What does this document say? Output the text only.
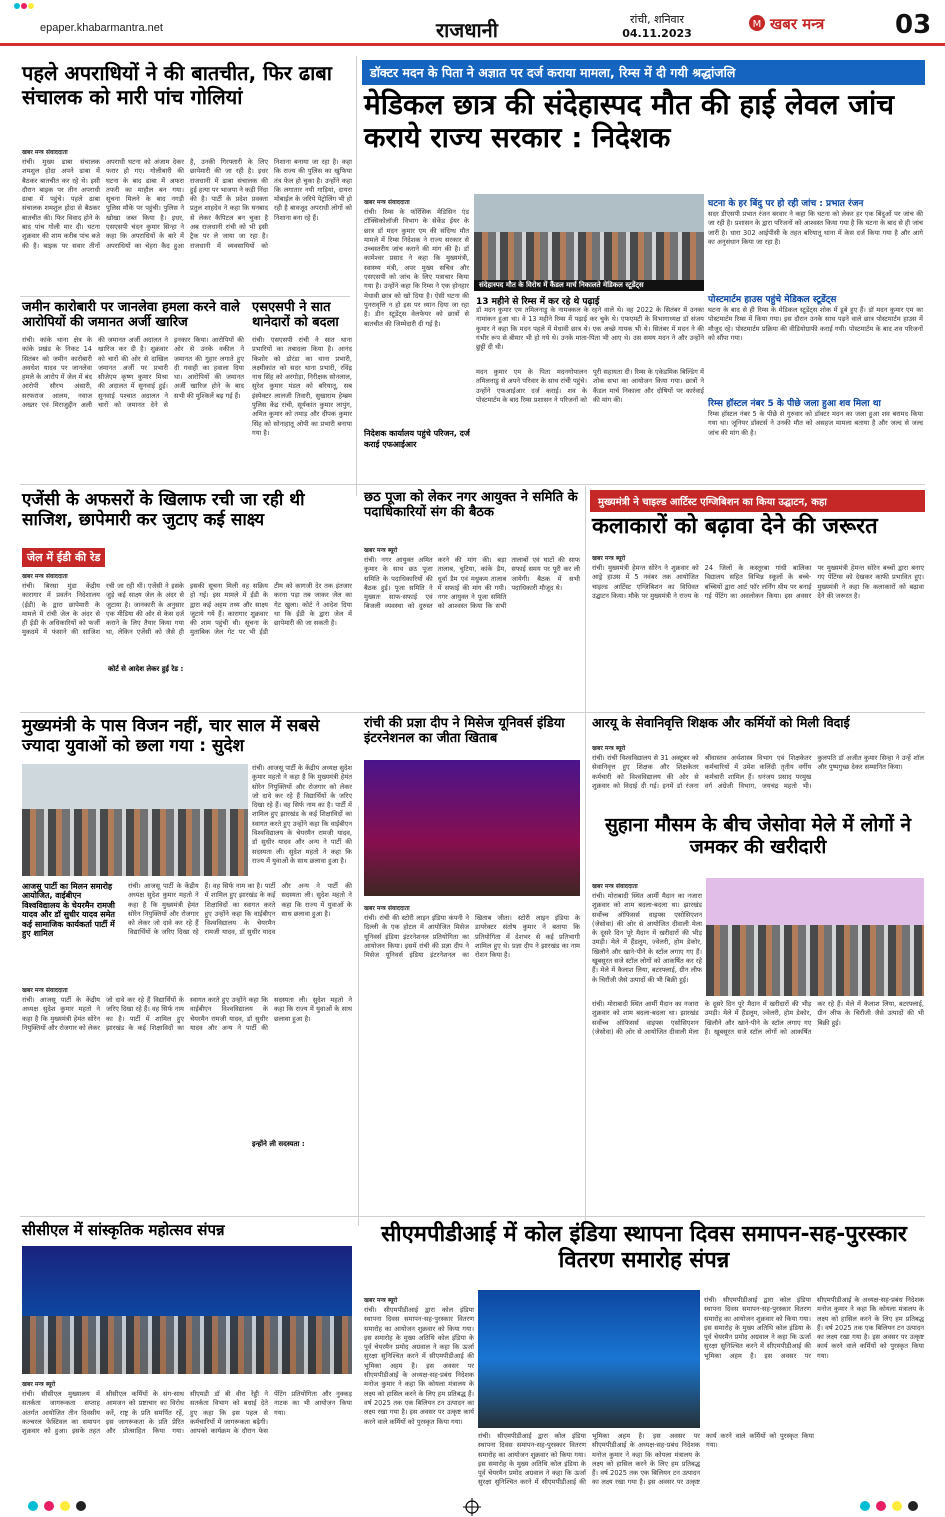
epaper.khabarmantra.net	राजधानी	रांची, शनिवार
04.11.2023
M खबर मन्त्र	03
पहले अपराधियों ने की बातचीत, फिर ढाबा संचालक को मारी पांच गोलियां
खबर मन्त्र संवाददाता
रांची। मुख्य ढाबा संचालक शमशुल होदा अपने ढाबा में बैठकर बातचीत कर रहे थे। इसी दौरान बाइक पर तीन अपराधी ढाबा में पहुंचे। पहले ढाबा संचालक शमशुल होदा से बैठकर बातचीत की। फिर विवाद होने के बाद पांच गोली मार दी। घटना शुक्रवार की शाम करीब पांच बजे की है। बाइक पर सवार तीनों अपराधी घटना को अंजाम देकर फरार हो गए। गोलीबारी की घटना के बाद ढाबा में अफरा तफरी का माहौल बन गया। सूचना मिलने के बाद नगड़ी पुलिस मौके पर पहुंची। पुलिस ने खोखा जब्त किया है। इधर, एसएसपी चंदन कुमार सिन्हा ने कहा कि अपराधियों के बारे में अपराधियों का चेहरा कैद हुआ है, उनकी गिरफ्तारी के लिए छापेमारी की जा रही है। इधर राजधानी में ढाबा संचालक की हुई हत्या पर भाजपा ने कड़ी निंदा की है। पार्टी के प्रदेश प्रवक्ता प्रतुल शाहदेव ने कहा कि घनबाद से लेकर कैपिटल बन चुका है अब राजधानी रांची को भी इसी ट्रैक पर ले जाया जा रहा है। राजधानी में व्यवसायियों को निशाना बनाया जा रहा है। कहा कि राज्य की पुलिस का खुफिया तंत्र फेल हो चुका है। उन्होंने कहा कि लगातार नयी गाड़ियां, दायरा मोबाईल के जरिये पेट्रोलिंग भी हो रही है बावजूद अपराधी लोगों को निशाना बना रहे हैं।
जमीन कारोबारी पर जानलेवा हमला करने वाले आरोपियों की जमानत अर्जी खारिज
रांची। कांके थाना क्षेत्र के कांके प्रखंड के निकट 14 सितंबर को जमीन कारोबारी अवधेश यादव पर जानलेवा हमले के आरोप में जेल में बंद आरोपी सौरभ अंसारी, सरफराज आलम, नवाज अख्तर एवं मिराजुद्दीन अली की जमानत अर्जी अदालत ने खारिज कर दी है। शुक्रवार को चारों की ओर से दाखिल जमानत अर्जी पर प्रभारी सीजेएम कृष्ण कुमार मिश्रा की अदालत में सुनवाई हुई। सुनवाई पश्चात अदालत ने चारों को जमानत देने से इनकार किया। आरोपियों की ओर से उनके वकील ने जमानत की गुहार लगाते हुए दी गवाही का हवाला दिया था। आरोपियों की जमानत अर्जी खारिज होने के बाद सभी की मुश्किलें बढ़ गई हैं।
एसएसपी ने सात थानेदारों को बदला
रांची। एसएसपी रांची ने सात थाना प्रभारियों का तबादला किया है। आनंद किशोर को डोरंडा का थाना प्रभारी, लक्ष्मीकांत को सदर थाना प्रभारी, रविंद्र नाथ सिंह को अरगोड़ा, निरीक्षक सोनलाल, सुरेश कुमार मंडल को बरियातू, सब इंस्पेक्टर लालजी तिवारी, सुखाराम हेम्ब्रम पुलिस केंद्र रांची, सूर्यकांत कुमार लापुंग, अमित कुमार को तमाड़ और दीपक कुमार सिंह को सोनाहातू ओपी का प्रभारी बनाया गया है।
डॉक्टर मदन के पिता ने अज्ञात पर दर्ज कराया मामला, रिम्स में दी गयी श्रद्धांजलि
मेडिकल छात्र की संदेहास्पद मौत की हाई लेवल जांच कराये राज्य सरकार : निदेशक
खबर मन्त्र संवाददाता
रांची। रिम्स के फॉरेंसिक मेडिसिन एंड टॉक्सिकोलॉजी विभाग के सेकेंड ईयर के छात्र डॉ मदन कुमार एम की संदिग्ध मौत मामले में रिम्स निदेशक ने राज्य सरकार से उच्चस्तरीय जांच कराने की मांग की है। डॉ कामेश्वर प्रसाद ने कहा कि मुख्यमंत्री, स्वास्थ्य मंत्री, अपर मुख्य सचिव और एसएसपी को जांच के लिए पत्राचार किया गया है। उन्होंने कहा कि रिम्स ने एक होनहार मेधावी छात्र को खो दिया है। ऐसी घटना की पुनरावृत्ति न हो इस पर ध्यान दिया जा रहा है। डीन स्टूडेंट्स वेलफेयर को छात्रों से बातचीत की जिम्मेदारी दी गई है।
संदेहास्पद मौत के विरोध में कैंडल मार्च निकालते मेडिकल स्टूडेंट्स
13 महीने से रिम्स में कर रहे थे पढ़ाई
डॉ मदन कुमार एम तमिलनाडु के नामक्कल के रहने वाले थे। वह 2022 के सितंबर में उनका नामांकन हुआ था। वे 13 महीने रिम्स में पढ़ाई कर चुके थे। एफएमटी के विभागाध्यक्ष डॉ संजय कुमार ने कहा कि मदन पहले में मेधावी छात्र थे। एक अच्छे गायक भी थे। सितंबर में मदन ने की गंभीर रूप से बीमार भी हो गये थे। उनके माता-पिता भी आए थे। उस समय मदन ने और उन्होंने छुट्टी दी थी।
निदेशक कार्यालय पहुंचे परिजन, दर्ज कराई एफआईआर
मदन कुमार एम के पिता मदनगोपालन तमिलनाडु से अपने परिवार के साथ रांची पहुंचे। उन्होंने एफआईआर दर्ज कराई। शव के पोस्टमार्टम के बाद रिम्स प्रशासन ने परिजनों को पूरी सहायता दी। रिम्स के एकेडमिक बिल्डिंग में शोक सभा का आयोजन किया गया। छात्रों ने कैंडल मार्च निकाला और दोषियों पर कार्रवाई की मांग की।
घटना के हर बिंदु पर हो रही जांच : प्रभात रंजन
सदर डीएसपी प्रभात रंजन बरवार ने कहा कि घटना को लेकर हर एक बिंदुओं पर जांच की जा रही है। प्रशासन के द्वारा परिजनों को आश्वस्त किया गया है कि घटना के बाद से ही जांच जारी है। धारा 302 आईपीसी के तहत बरियातू थाना में केस दर्ज किया गया है और आगे का अनुसंधान किया जा रहा है।
पोस्टमार्टम हाउस पहुंचे मेडिकल स्टूडेंट्स
घटना के बाद से ही रिम्स के मेडिकल स्टूडेंट्स शोक में डूबे हुए हैं। डॉ मदन कुमार एम का पोस्टमार्टम रिम्स में किया गया। इस दौरान उनके साथ पढ़ने वाले छात्र पोस्टमार्टम हाउस में मौजूद रहे। पोस्टमार्टम प्रक्रिया की वीडियोग्राफी कराई गयी। पोस्टमार्टम के बाद शव परिजनों को सौंपा गया।
रिम्स हॉस्टल नंबर 5 के पीछे जला हुआ शव मिला था
रिम्स हॉस्टल नंबर 5 के पीछे से गुरुवार को डॉक्टर मदन का जला हुआ शव बरामद किया गया था। जूनियर डॉक्टर्स ने उनकी मौत को असहज मामला बताया है और जल्द से जल्द जांच की मांग की है।
एजेंसी के अफसरों के खिलाफ रची जा रही थी साजिश, छापेमारी कर जुटाए कई साक्ष्य
जेल में ईडी की रेड
खबर मन्त्र संवाददाता
रांची। बिरसा मुंडा केंद्रीय कारागार में प्रवर्तन निदेशालय (ईडी) के द्वारा छापेमारी के मामले में रांची जेल के अंदर से ही ईडी के अधिकारियों को फर्जी मुकदमे में फंसाने की साजिश रची जा रही थी। एजेंसी ने इसके जुड़े कई साक्ष्य जेल के अंदर से जुटाया है। जानकारी के अनुसार एक मीडिया की ओर से केस दर्ज कराने के लिए तैयार किया गया था, लेकिन एजेंसी को जैसे ही इसकी सूचना मिली वह सक्रिय हो गई। इस मामले में ईडी के द्वारा कई अहम तथ्य और साक्ष्य जुटाये गये हैं। कारागार शुक्रवार की शाम पहुंची थी। सूचना के मुताबिक जेल गेट पर भी ईडी टीम को कागजी देर तक इंतजार करना पड़ा तब जाकर जेल का गेट खुला। कोर्ट ने आदेश दिया था कि ईडी के द्वारा जेल में छापेमारी की जा सकती है।
कोर्ट से आदेश लेकर हुई रेड :
छठ पूजा को लेकर नगर आयुक्त ने समिति के पदाधिकारियों संग की बैठक
खबर मन्त्र ब्यूरो
रांची। नगर आयुक्त अमित कुमार के साथ छठ पूजा समिति के पदाधिकारियों की बैठक हुई। पूजा समिति ने मुख्यतः साफ-सफाई एवं बिजली व्यवस्था को दुरुस्त करने की मांग की। बड़ा तालाब, चुटिया, कांके डैम, धुर्वा डैम एवं मधुकम तालाब में सफाई की मांग की गयी। नगर आयुक्त ने पूजा समिति को आश्वस्त किया कि सभी तालाबों एवं घाटों की साफ सफाई समय पर पूरी कर ली जायेगी। बैठक में सभी पदाधिकारी मौजूद थे।
मुख्यमंत्री ने चाइल्ड आर्टिस्ट एग्जिबिशन का किया उद्घाटन, कहा
कलाकारों को बढ़ावा देने की जरूरत
खबर मन्त्र ब्यूरो
रांची। मुख्यमंत्री हेमन्त सोरेन ने शुक्रवार को आड्रे हाउस में 5 नवंबर तक आयोजित चाइल्ड आर्टिस्ट एग्जिबिशन का विधिवत उद्घाटन किया। मौके पर मुख्यमंत्री ने राज्य के 24 जिलों के कस्तूरबा गांधी बालिका विद्यालय सहित विभिन्न स्कूलों के बच्चे-बच्चियों द्वारा आर्ट फॉर लर्निंग थीम पर बनाई गई पेंटिंग का अवलोकन किया। इस अवसर पर मुख्यमंत्री हेमन्त सोरेन बच्चों द्वारा बनाए गए पेंटिंग्स को देखकर काफी प्रभावित हुए। मुख्यमंत्री ने कहा कि कलाकारों को बढ़ावा देने की जरूरत है।
मुख्यमंत्री के पास विजन नहीं, चार साल में सबसे ज्यादा युवाओं को छला गया : सुदेश
रांची। आजसू पार्टी के केंद्रीय अध्यक्ष सुदेश कुमार महतो ने कहा है कि मुख्यमंत्री हेमंत सोरेन नियुक्तियों और रोजगार को लेकर जो दावे कर रहे हैं विद्यार्थियों के जरिए दिखा रहे हैं। वह सिर्फ नाम का है। पार्टी में शामिल हुए झारखंड के कई शिक्षाविदों का स्वागत करते हुए उन्होंने कहा कि वाईबीएन विश्वविद्यालय के चेयरमैन रामजी यादव, डॉ सुधीर यादव और अन्य ने पार्टी की सदस्यता ली। सुदेश महतो ने कहा कि राज्य में युवाओं के साथ छलावा हुआ है।
आजसू पार्टी का मिलन समारोह आयोजित, वाईबीएन विश्वविद्यालय के चेयरमैन रामजी यादव और डॉ सुधीर यादव समेत कई सामाजिक कार्यकर्ता पार्टी में हुए शामिल
रांची। आजसू पार्टी के केंद्रीय अध्यक्ष सुदेश कुमार महतो ने कहा है कि मुख्यमंत्री हेमंत सोरेन नियुक्तियों और रोजगार को लेकर जो दावे कर रहे हैं विद्यार्थियों के जरिए दिखा रहे हैं। वह सिर्फ नाम का है। पार्टी में शामिल हुए झारखंड के कई शिक्षाविदों का स्वागत करते हुए उन्होंने कहा कि वाईबीएन विश्वविद्यालय के चेयरमैन रामजी यादव, डॉ सुधीर यादव और अन्य ने पार्टी की सदस्यता ली। सुदेश महतो ने कहा कि राज्य में युवाओं के साथ छलावा हुआ है।
खबर मन्त्र संवाददाता
रांची। आजसू पार्टी के केंद्रीय अध्यक्ष सुदेश कुमार महतो ने कहा है कि मुख्यमंत्री हेमंत सोरेन नियुक्तियों और रोजगार को लेकर जो दावे कर रहे हैं विद्यार्थियों के जरिए दिखा रहे हैं। वह सिर्फ नाम का है। पार्टी में शामिल हुए झारखंड के कई शिक्षाविदों का स्वागत करते हुए उन्होंने कहा कि वाईबीएन विश्वविद्यालय के चेयरमैन रामजी यादव, डॉ सुधीर यादव और अन्य ने पार्टी की सदस्यता ली। सुदेश महतो ने कहा कि राज्य में युवाओं के साथ छलावा हुआ है।
इन्होंने ली सदस्यता :
रांची की प्रज्ञा दीप ने मिसेज यूनिवर्स इंडिया इंटरनेशनल का जीता खिताब
खबर मन्त्र संवाददाता
रांची। रांची की स्टोरी लाइन इंडिया कंपनी ने दिल्ली के एक होटल में आयोजित मिसेज यूनिवर्स इंडिया इंटरनेशनल प्रतियोगिता का आयोजन किया। इसमें रांची की प्रज्ञा दीप ने मिसेज यूनिवर्स इंडिया इंटरनेशनल का खिताब जीता। स्टोरी लाइन इंडिया के डायरेक्टर संतोष कुमार ने बताया कि प्रतियोगिता में देशभर से कई प्रतिभागी शामिल हुए थे। प्रज्ञा दीप ने झारखंड का नाम रोशन किया है।
आरयू के सेवानिवृत्ति शिक्षक और कर्मियों को मिली विदाई
खबर मन्त्र ब्यूरो
रांची। रांची विश्वविद्यालय से 31 अक्टूबर को सेवानिवृत्त हुए शिक्षक और शिक्षकेतर कर्मचारी को विश्वविद्यालय की ओर से शुक्रवार को विदाई दी गई। इनमें डॉ रंजना श्रीवास्तव अर्थशास्त्र विभाग एवं शिक्षकेतर कर्मचारियों में उमेश कलिंदी तृतीय वर्गीय कर्मचारी शामिल हैं। धनंजय प्रसाद परमुख वर्ग अंग्रेजी विभाग, जयचंद्र महतो भी। कुलपति डॉ अजीत कुमार सिन्हा ने उन्हें शॉल और पुष्पगुच्छ देकर सम्मानित किया।
सुहाना मौसम के बीच जेसोवा मेले में लोगों ने जमकर की खरीदारी
खबर मन्त्र संवाददाता
रांची। मोराबादी स्थित आर्मी मैदान का नजारा शुक्रवार को शाम बदला-बदला था। झारखंड सर्वोच्च ऑफिसर्स वाइफ्स एसोसिएशन (जेसोवा) की ओर से आयोजित दीवाली मेला के दूसरे दिन पूरे मैदान में खरीदारों की भीड़ उमड़ी। मेले में हैंडलूम, ज्वेलरी, होम डेकोर, खिलौने और खाने-पीने के स्टॉल लगाए गए हैं। खूबसूरत सजे स्टॉल लोगों को आकर्षित कर रहे हैं। मेले में कैलाश लिया, बटरफ्लाई, ग्रीन लीफ के चिरौंजी जैसे उत्पादों की भी बिक्री हुई।
रांची। मोराबादी स्थित आर्मी मैदान का नजारा शुक्रवार को शाम बदला-बदला था। झारखंड सर्वोच्च ऑफिसर्स वाइफ्स एसोसिएशन (जेसोवा) की ओर से आयोजित दीवाली मेला के दूसरे दिन पूरे मैदान में खरीदारों की भीड़ उमड़ी। मेले में हैंडलूम, ज्वेलरी, होम डेकोर, खिलौने और खाने-पीने के स्टॉल लगाए गए हैं। खूबसूरत सजे स्टॉल लोगों को आकर्षित कर रहे हैं। मेले में कैलाश लिया, बटरफ्लाई, ग्रीन लीफ के चिरौंजी जैसे उत्पादों की भी बिक्री हुई।
सीसीएल में सांस्कृतिक महोत्सव संपन्न
खबर मन्त्र ब्यूरो
रांची। सीसीएल मुख्यालय में सतर्कता जागरूकता सप्ताह अंतर्गत आयोजित तीन दिवसीय कल्चरल फेस्टिवल का समापन शुक्रवार को हुआ। इसके तहत सीसीएल कर्मियों के संग-साथ आमजन को प्रष्टाचार का विरोध करें, राष्ट्र के प्रति समर्पित रहें, इस जागरूकता के प्रति प्रेरित और प्रोत्साहित किया गया। सीएमडी डॉ बी वीरा रेड्डी ने सतर्कता विभाग को बधाई देते हुए कहा कि इस पहल से कर्मचारियों में जागरूकता बढ़ेगी। आपको कार्यक्रम के दौरान फेस पेंटिंग प्रतियोगिता और नुक्कड़ नाटक का भी आयोजन किया गया।
सीएमपीडीआई में कोल इंडिया स्थापना दिवस समापन-सह-पुरस्कार वितरण समारोह संपन्न
खबर मन्त्र ब्यूरो
रांची। सीएमपीडीआई द्वारा कोल इंडिया स्थापना दिवस समापन-सह-पुरस्कार वितरण समारोह का आयोजन शुक्रवार को किया गया। इस समारोह के मुख्य अतिथि कोल इंडिया के पूर्व चेयरमैन प्रमोद अग्रवाल ने कहा कि ऊर्जा सुरक्षा सुनिश्चित करने में सीएमपीडीआई की भूमिका अहम है। इस अवसर पर सीएमपीडीआई के अध्यक्ष-सह-प्रबंध निदेशक मनोज कुमार ने कहा कि कोयला मंत्रालय के लक्ष्य को हासिल करने के लिए हम प्रतिबद्ध हैं। वर्ष 2025 तक एक बिलियन टन उत्पादन का लक्ष्य रखा गया है। इस अवसर पर उत्कृष्ट कार्य करने वाले कर्मियों को पुरस्कृत किया गया।
रांची। सीएमपीडीआई द्वारा कोल इंडिया स्थापना दिवस समापन-सह-पुरस्कार वितरण समारोह का आयोजन शुक्रवार को किया गया। इस समारोह के मुख्य अतिथि कोल इंडिया के पूर्व चेयरमैन प्रमोद अग्रवाल ने कहा कि ऊर्जा सुरक्षा सुनिश्चित करने में सीएमपीडीआई की भूमिका अहम है। इस अवसर पर सीएमपीडीआई के अध्यक्ष-सह-प्रबंध निदेशक मनोज कुमार ने कहा कि कोयला मंत्रालय के लक्ष्य को हासिल करने के लिए हम प्रतिबद्ध हैं। वर्ष 2025 तक एक बिलियन टन उत्पादन का लक्ष्य रखा गया है। इस अवसर पर उत्कृष्ट कार्य करने वाले कर्मियों को पुरस्कृत किया गया।
रांची। सीएमपीडीआई द्वारा कोल इंडिया स्थापना दिवस समापन-सह-पुरस्कार वितरण समारोह का आयोजन शुक्रवार को किया गया। इस समारोह के मुख्य अतिथि कोल इंडिया के पूर्व चेयरमैन प्रमोद अग्रवाल ने कहा कि ऊर्जा सुरक्षा सुनिश्चित करने में सीएमपीडीआई की भूमिका अहम है। इस अवसर पर सीएमपीडीआई के अध्यक्ष-सह-प्रबंध निदेशक मनोज कुमार ने कहा कि कोयला मंत्रालय के लक्ष्य को हासिल करने के लिए हम प्रतिबद्ध हैं। वर्ष 2025 तक एक बिलियन टन उत्पादन का लक्ष्य रखा गया है। इस अवसर पर उत्कृष्ट कार्य करने वाले कर्मियों को पुरस्कृत किया गया।
